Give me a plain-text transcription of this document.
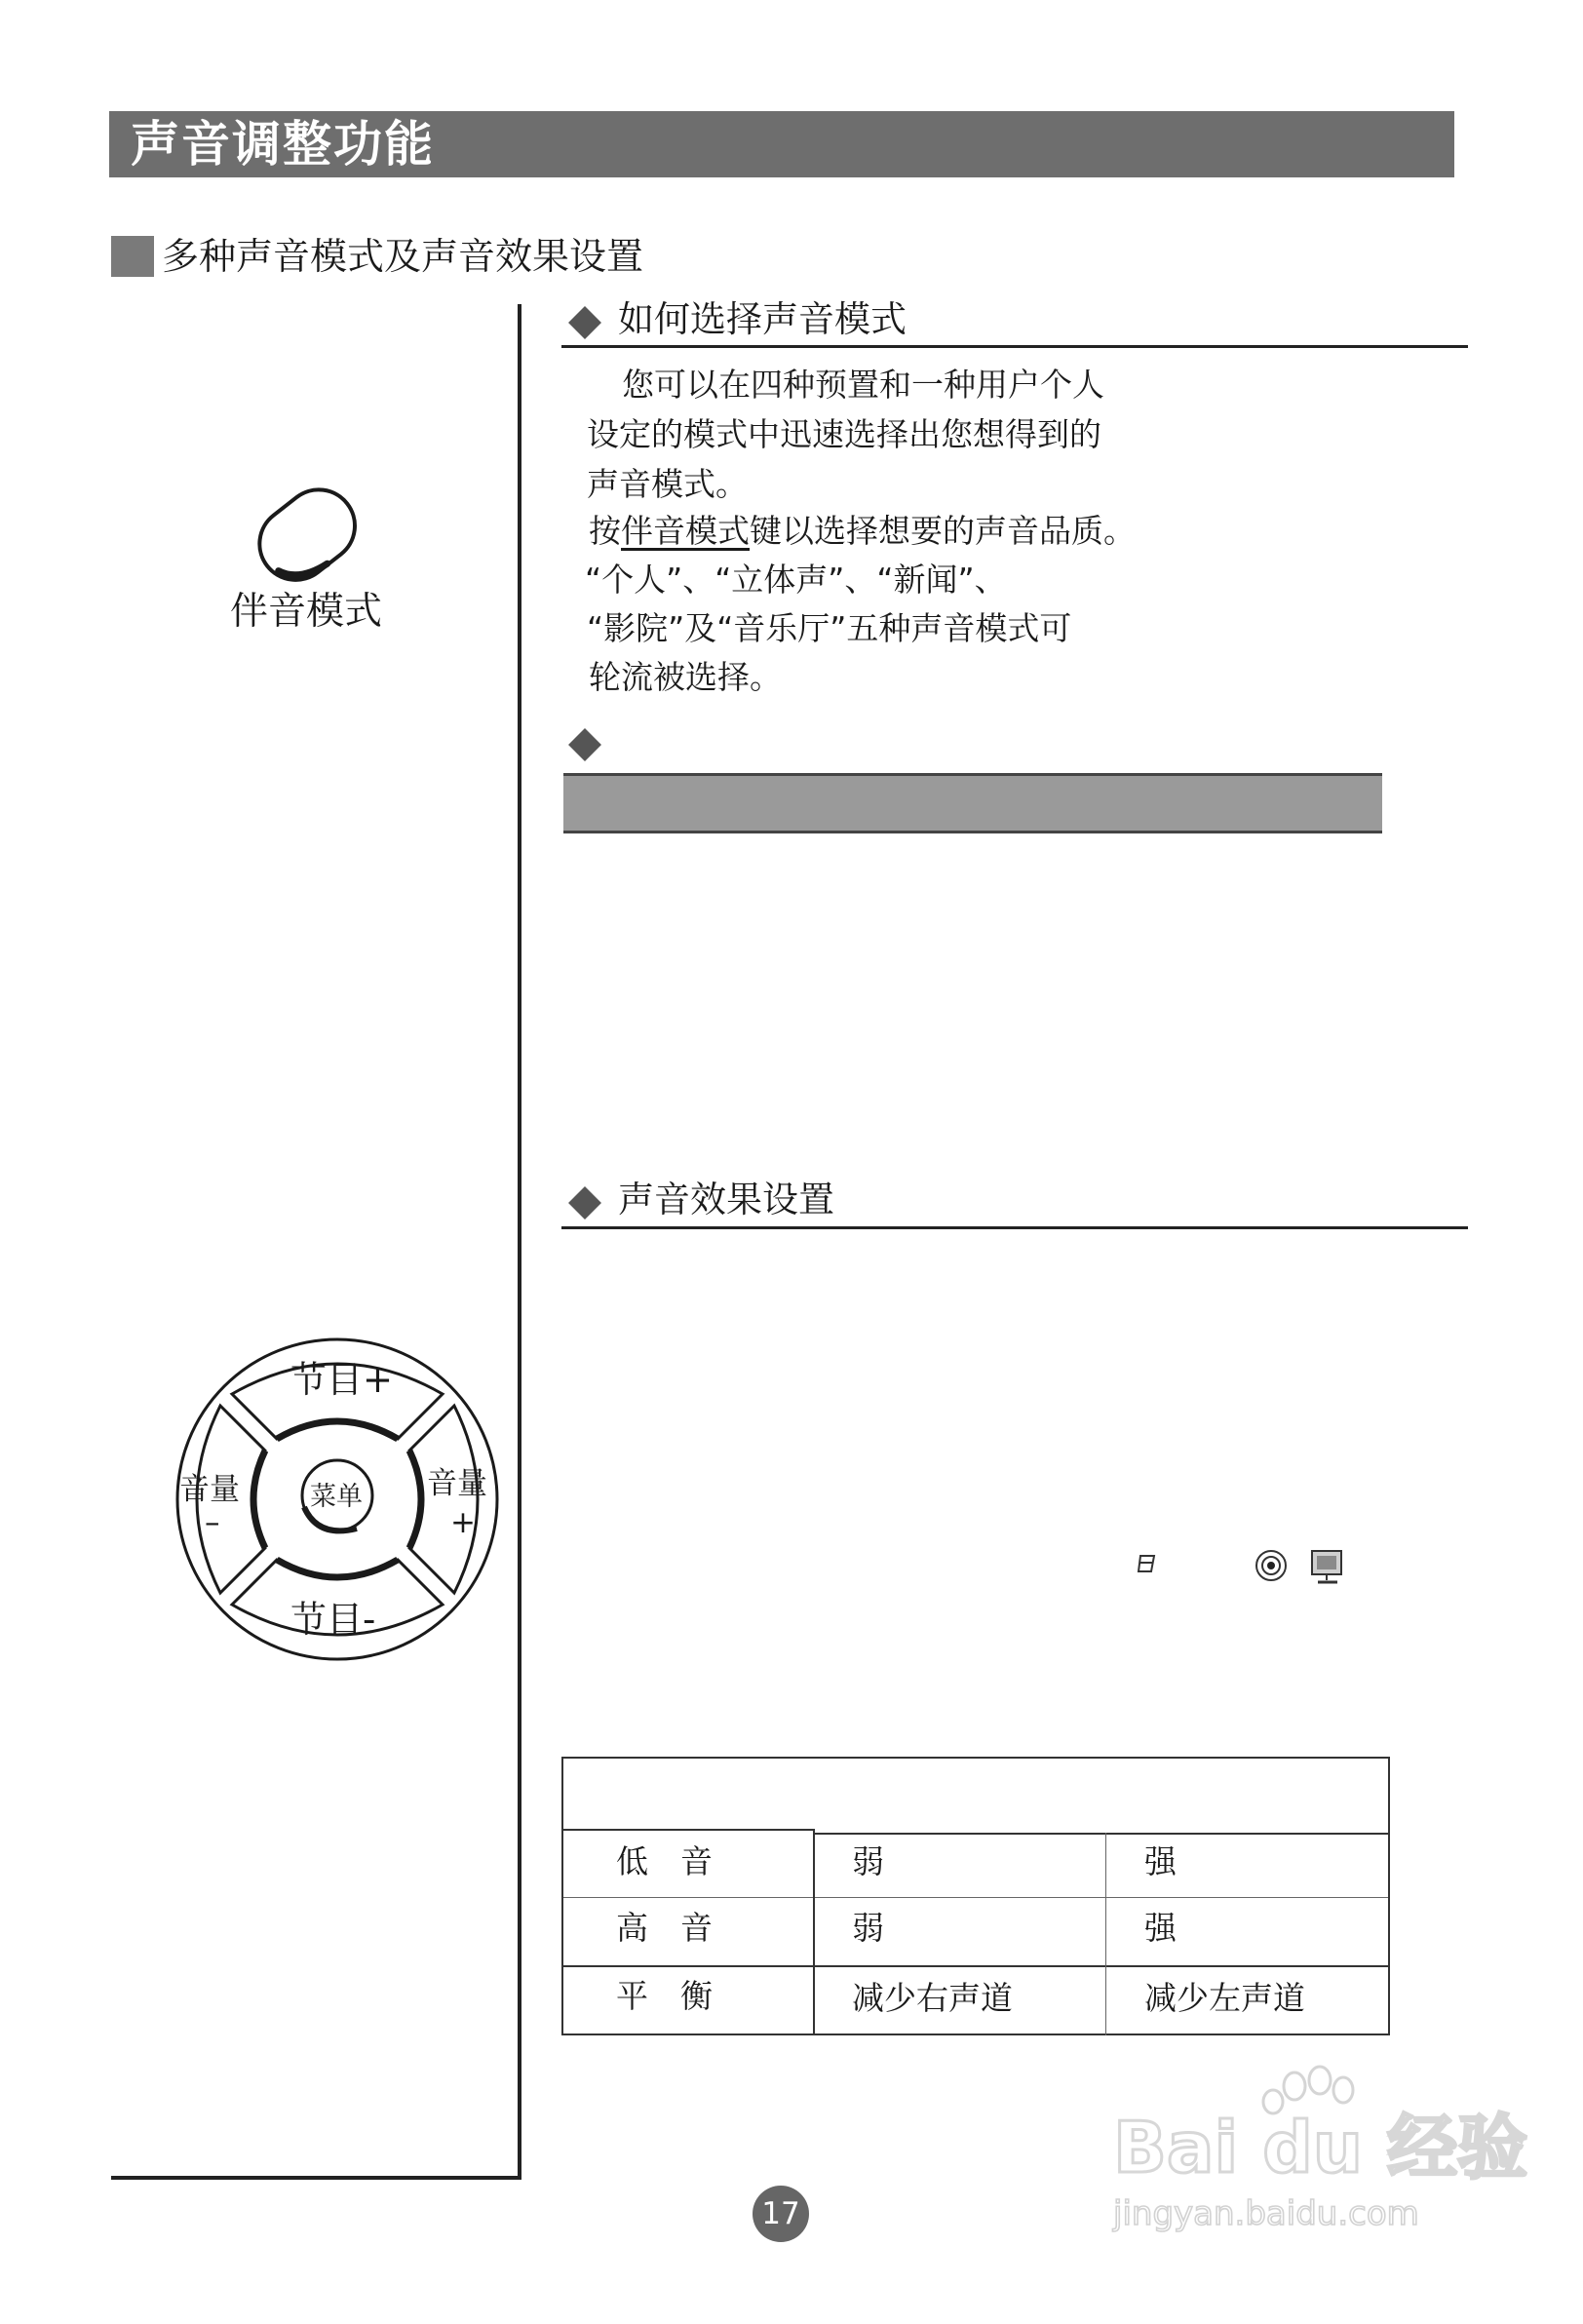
声音调整功能
多种声音模式及声音效果设置
伴音模式
节目+
节目-
音量
–
音量
+
菜单
如何选择声音模式
您可以在四种预置和一种用户个人
设定的模式中迅速选择出您想得到的
声音模式。
按伴音模式键以选择想要的声音品质。
“个人”、“立体声”、“新闻”、
“影院”及“音乐厅”五种声音模式可
轮流被选择。
声音效果设置
低　音	弱	强
高　音	弱	强
平　衡	减少右声道	减少左声道
17
Bai du 经验
jingyan.baidu.com
